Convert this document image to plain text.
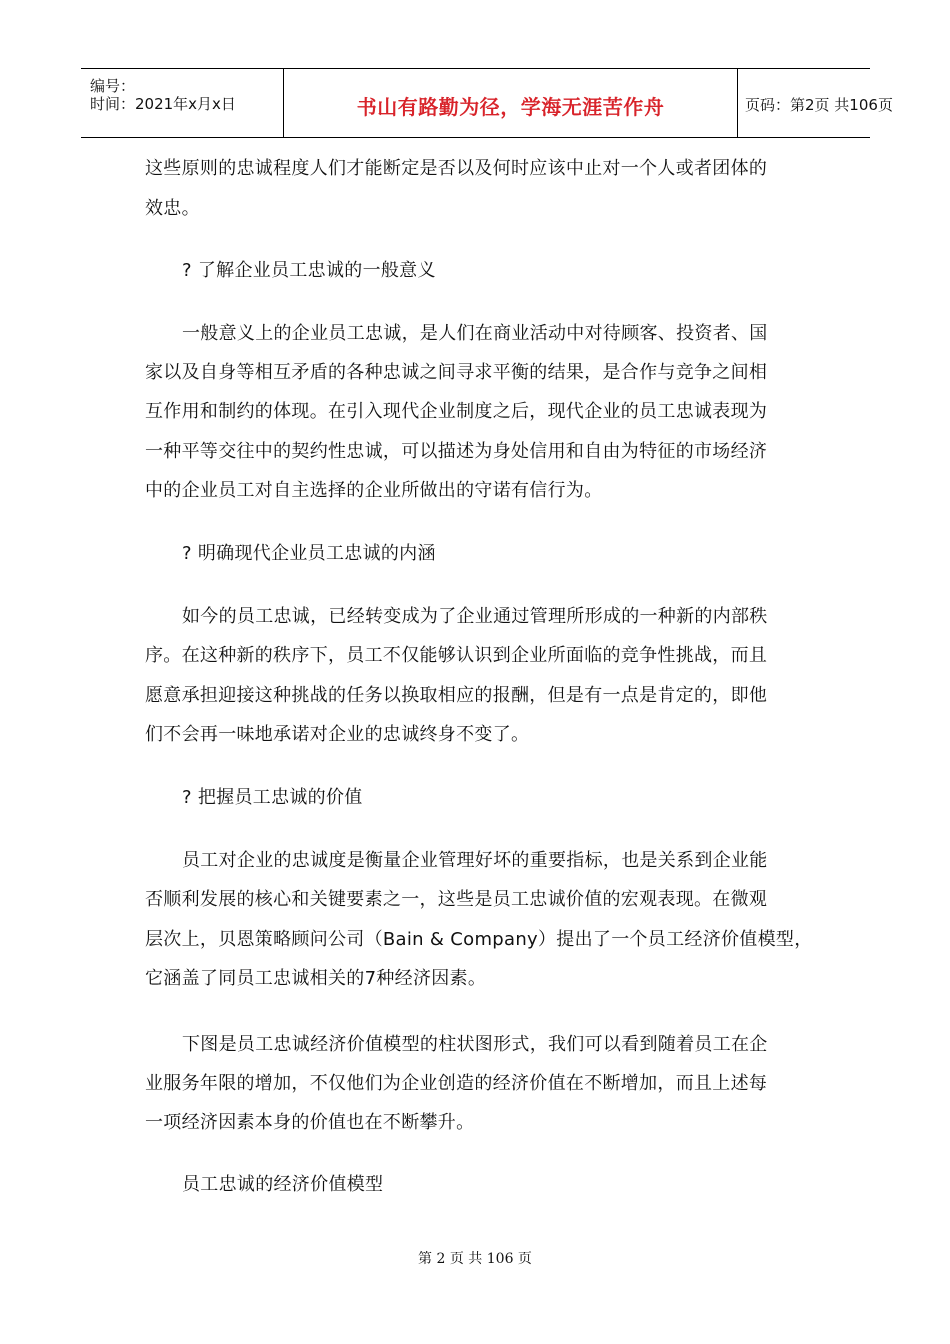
编号：
时间：2021年x月x日	书山有路勤为径，学海无涯苦作舟	页码：第2页 共106页
这些原则的忠诚程度人们才能断定是否以及何时应该中止对一个人或者团体的
效忠。
? 了解企业员工忠诚的一般意义
一般意义上的企业员工忠诚，是人们在商业活动中对待顾客、投资者、国
家以及自身等相互矛盾的各种忠诚之间寻求平衡的结果，是合作与竞争之间相
互作用和制约的体现。在引入现代企业制度之后，现代企业的员工忠诚表现为
一种平等交往中的契约性忠诚，可以描述为身处信用和自由为特征的市场经济
中的企业员工对自主选择的企业所做出的守诺有信行为。
? 明确现代企业员工忠诚的内涵
如今的员工忠诚，已经转变成为了企业通过管理所形成的一种新的内部秩
序。在这种新的秩序下，员工不仅能够认识到企业所面临的竞争性挑战，而且
愿意承担迎接这种挑战的任务以换取相应的报酬，但是有一点是肯定的，即他
们不会再一味地承诺对企业的忠诚终身不变了。
? 把握员工忠诚的价值
员工对企业的忠诚度是衡量企业管理好坏的重要指标，也是关系到企业能
否顺利发展的核心和关键要素之一，这些是员工忠诚价值的宏观表现。在微观
层次上，贝恩策略顾问公司（Bain & Company）提出了一个员工经济价值模型，
它涵盖了同员工忠诚相关的7种经济因素。
下图是员工忠诚经济价值模型的柱状图形式，我们可以看到随着员工在企
业服务年限的增加，不仅他们为企业创造的经济价值在不断增加，而且上述每
一项经济因素本身的价值也在不断攀升。
员工忠诚的经济价值模型
第 2 页 共 106 页
